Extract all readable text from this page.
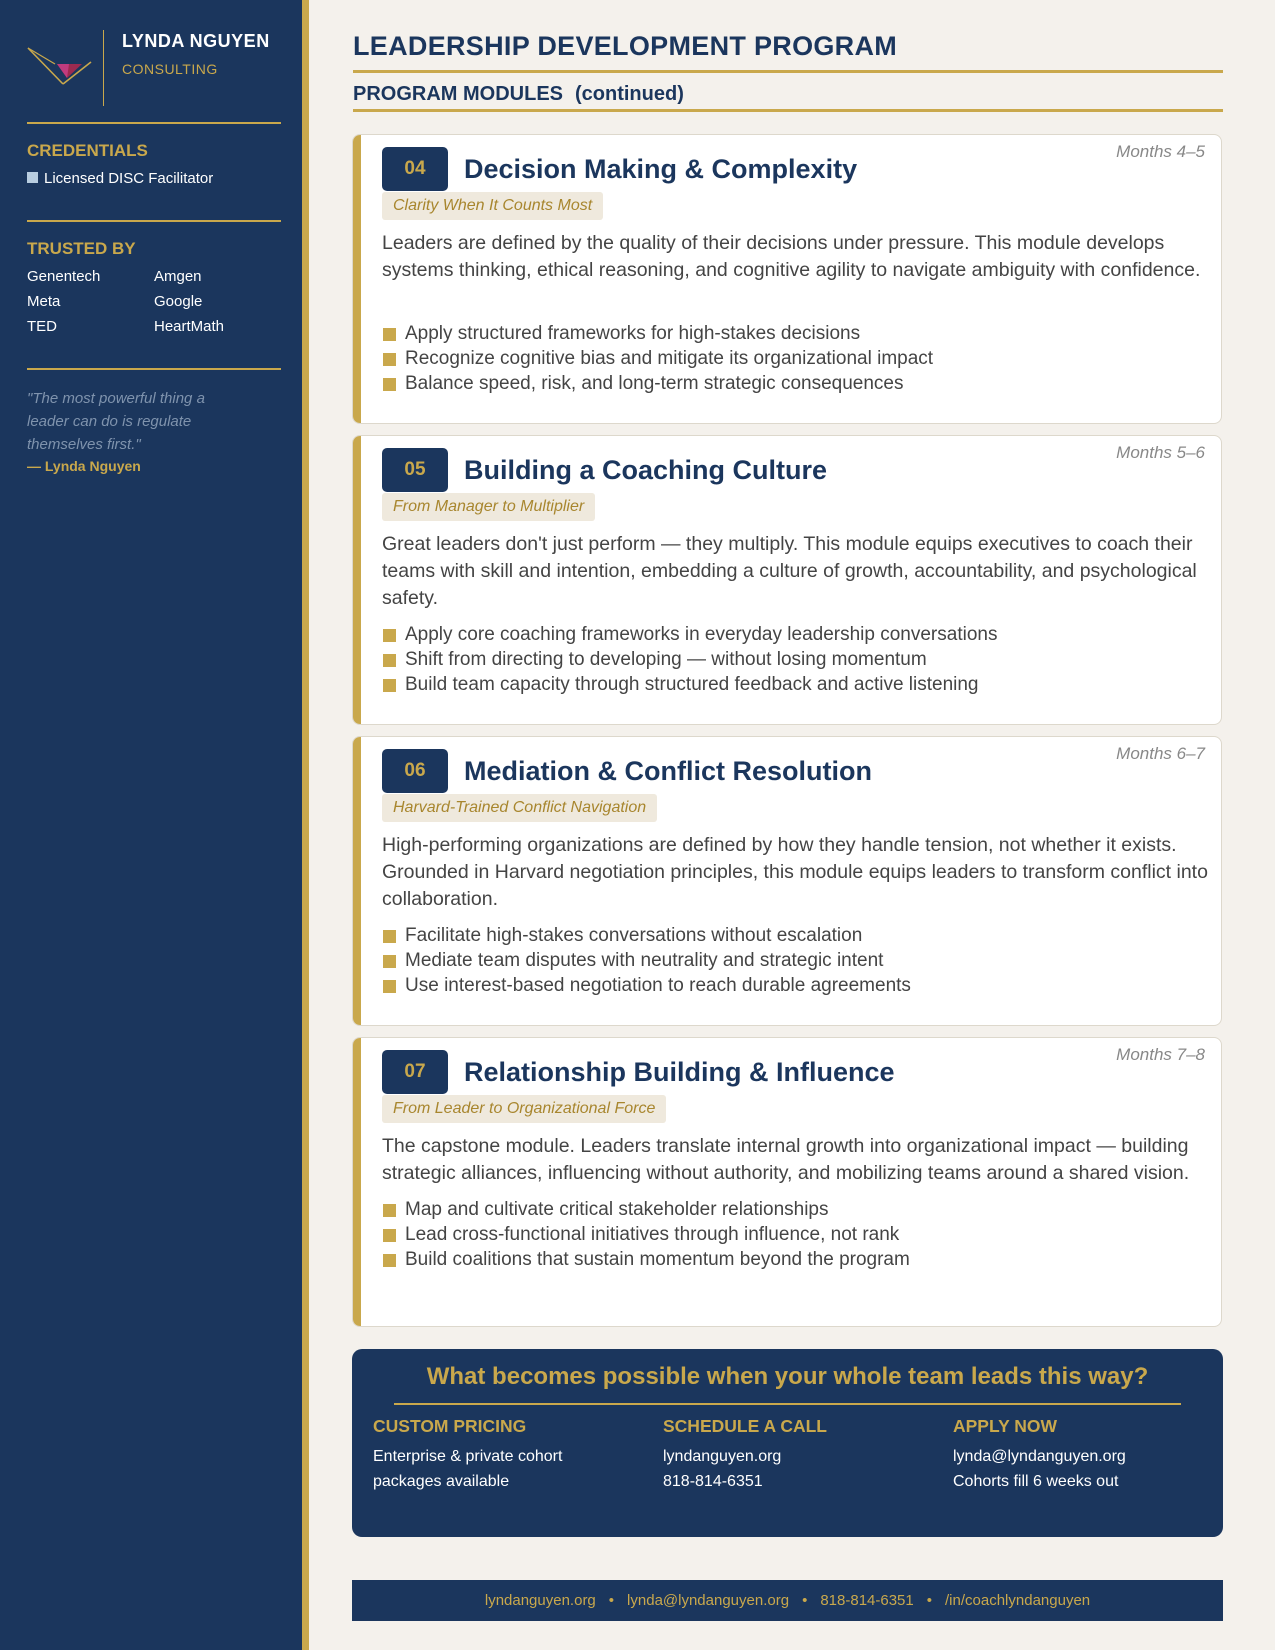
LYNDA NGUYEN
CONSULTING
CREDENTIALS
Licensed DISC Facilitator
TRUSTED BY
Genentech	Amgen
Meta	Google
TED	HeartMath
"The most powerful thing a leader can do is regulate themselves first."
— Lynda Nguyen
LEADERSHIP DEVELOPMENT PROGRAM
PROGRAM MODULES (continued)
Months 4–5
04	Decision Making & Complexity
Clarity When It Counts Most
Leaders are defined by the quality of their decisions under pressure. This module develops systems thinking, ethical reasoning, and cognitive agility to navigate ambiguity with confidence.
Apply structured frameworks for high-stakes decisions
Recognize cognitive bias and mitigate its organizational impact
Balance speed, risk, and long-term strategic consequences
Months 5–6
05	Building a Coaching Culture
From Manager to Multiplier
Great leaders don't just perform — they multiply. This module equips executives to coach their teams with skill and intention, embedding a culture of growth, accountability, and psychological safety.
Apply core coaching frameworks in everyday leadership conversations
Shift from directing to developing — without losing momentum
Build team capacity through structured feedback and active listening
Months 6–7
06	Mediation & Conflict Resolution
Harvard-Trained Conflict Navigation
High-performing organizations are defined by how they handle tension, not whether it exists. Grounded in Harvard negotiation principles, this module equips leaders to transform conflict into collaboration.
Facilitate high-stakes conversations without escalation
Mediate team disputes with neutrality and strategic intent
Use interest-based negotiation to reach durable agreements
Months 7–8
07	Relationship Building & Influence
From Leader to Organizational Force
The capstone module. Leaders translate internal growth into organizational impact — building strategic alliances, influencing without authority, and mobilizing teams around a shared vision.
Map and cultivate critical stakeholder relationships
Lead cross-functional initiatives through influence, not rank
Build coalitions that sustain momentum beyond the program
What becomes possible when your whole team leads this way?
CUSTOM PRICING
Enterprise & private cohort
packages available
SCHEDULE A CALL
lyndanguyen.org
818-814-6351
APPLY NOW
lynda@lyndanguyen.org
Cohorts fill 6 weeks out
lyndanguyen.org • lynda@lyndanguyen.org • 818-814-6351 • /in/coachlyndanguyen
